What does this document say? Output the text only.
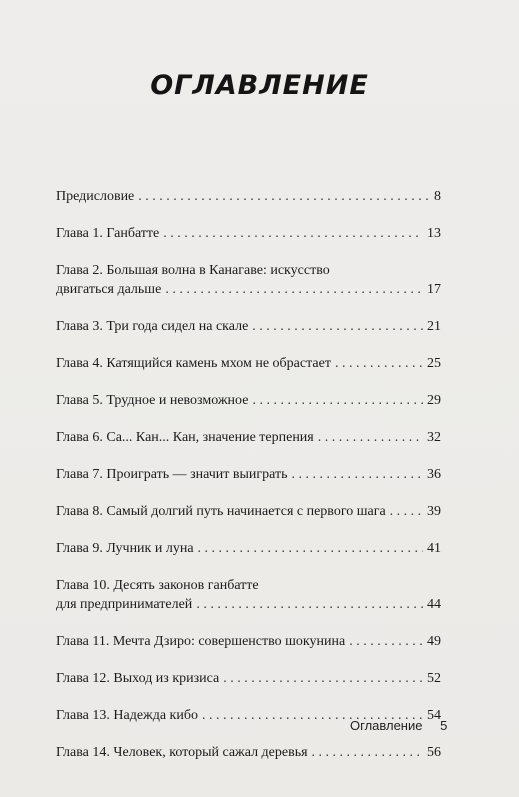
ОГЛАВЛЕНИЕ
Предисловие . . .	8
Глава 1. Ганбатте . . .	13
Глава 2. Большая волна в Канагаве: искусство
двигаться дальше . . .	17
Глава 3. Три года сидел на скале . . .	21
Глава 4. Катящийся камень мхом не обрастает . . .	25
Глава 5. Трудное и невозможное . . .	29
Глава 6. Са... Кан... Кан, значение терпения . . .	32
Глава 7. Проиграть — значит выиграть . . .	36
Глава 8. Самый долгий путь начинается с первого шага . . .	39
Глава 9. Лучник и луна . . .	41
Глава 10. Десять законов ганбатте
для предпринимателей . . .	44
Глава 11. Мечта Дзиро: совершенство шокунина . . .	49
Глава 12. Выход из кризиса . . .	52
Глава 13. Надежда кибо . . .	54
Глава 14. Человек, который сажал деревья . . .	56
Оглавление 5
